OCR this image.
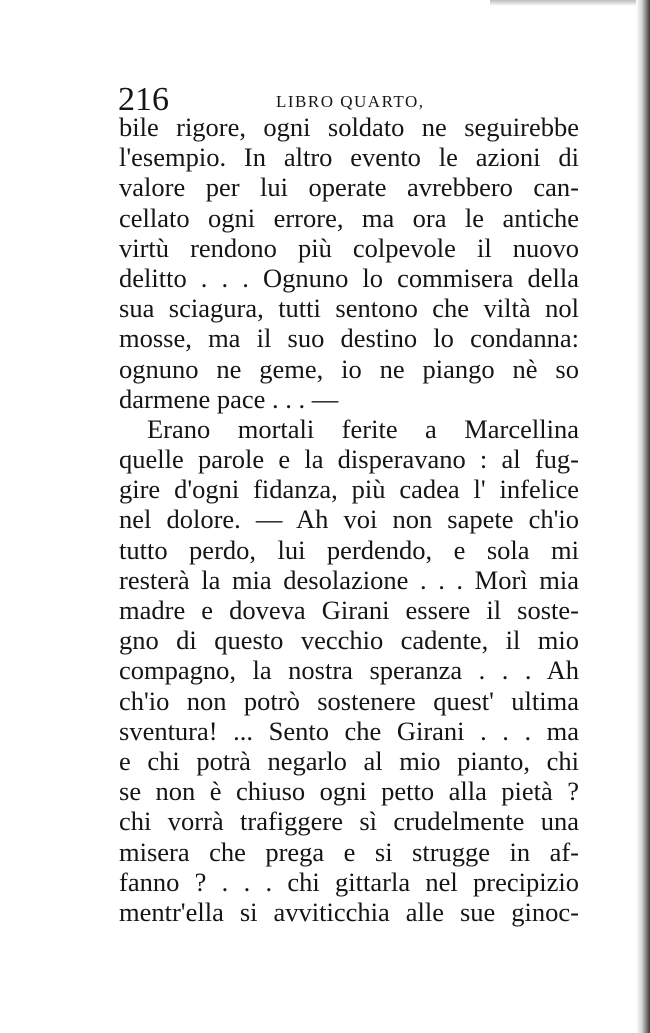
216	LIBRO QUARTO,
bile rigore, ogni soldato ne seguirebbe
l'esempio. In altro evento le azioni di
valore per lui operate avrebbero can-
cellato ogni errore, ma ora le antiche
virtù rendono più colpevole il nuovo
delitto . . . Ognuno lo commisera della
sua sciagura, tutti sentono che viltà nol
mosse, ma il suo destino lo condanna:
ognuno ne geme, io ne piango nè so
darmene pace . . . —
Erano mortali ferite a Marcellina
quelle parole e la disperavano : al fug-
gire d'ogni fidanza, più cadea l' infelice
nel dolore. — Ah voi non sapete ch'io
tutto perdo, lui perdendo, e sola mi
resterà la mia desolazione . . . Morì mia
madre e doveva Girani essere il soste-
gno di questo vecchio cadente, il mio
compagno, la nostra speranza . . . Ah
ch'io non potrò sostenere quest' ultima
sventura! ... Sento che Girani . . . ma
e chi potrà negarlo al mio pianto, chi
se non è chiuso ogni petto alla pietà ?
chi vorrà trafiggere sì crudelmente una
misera che prega e si strugge in af-
fanno ? . . . chi gittarla nel precipizio
mentr'ella si avviticchia alle sue ginoc-
